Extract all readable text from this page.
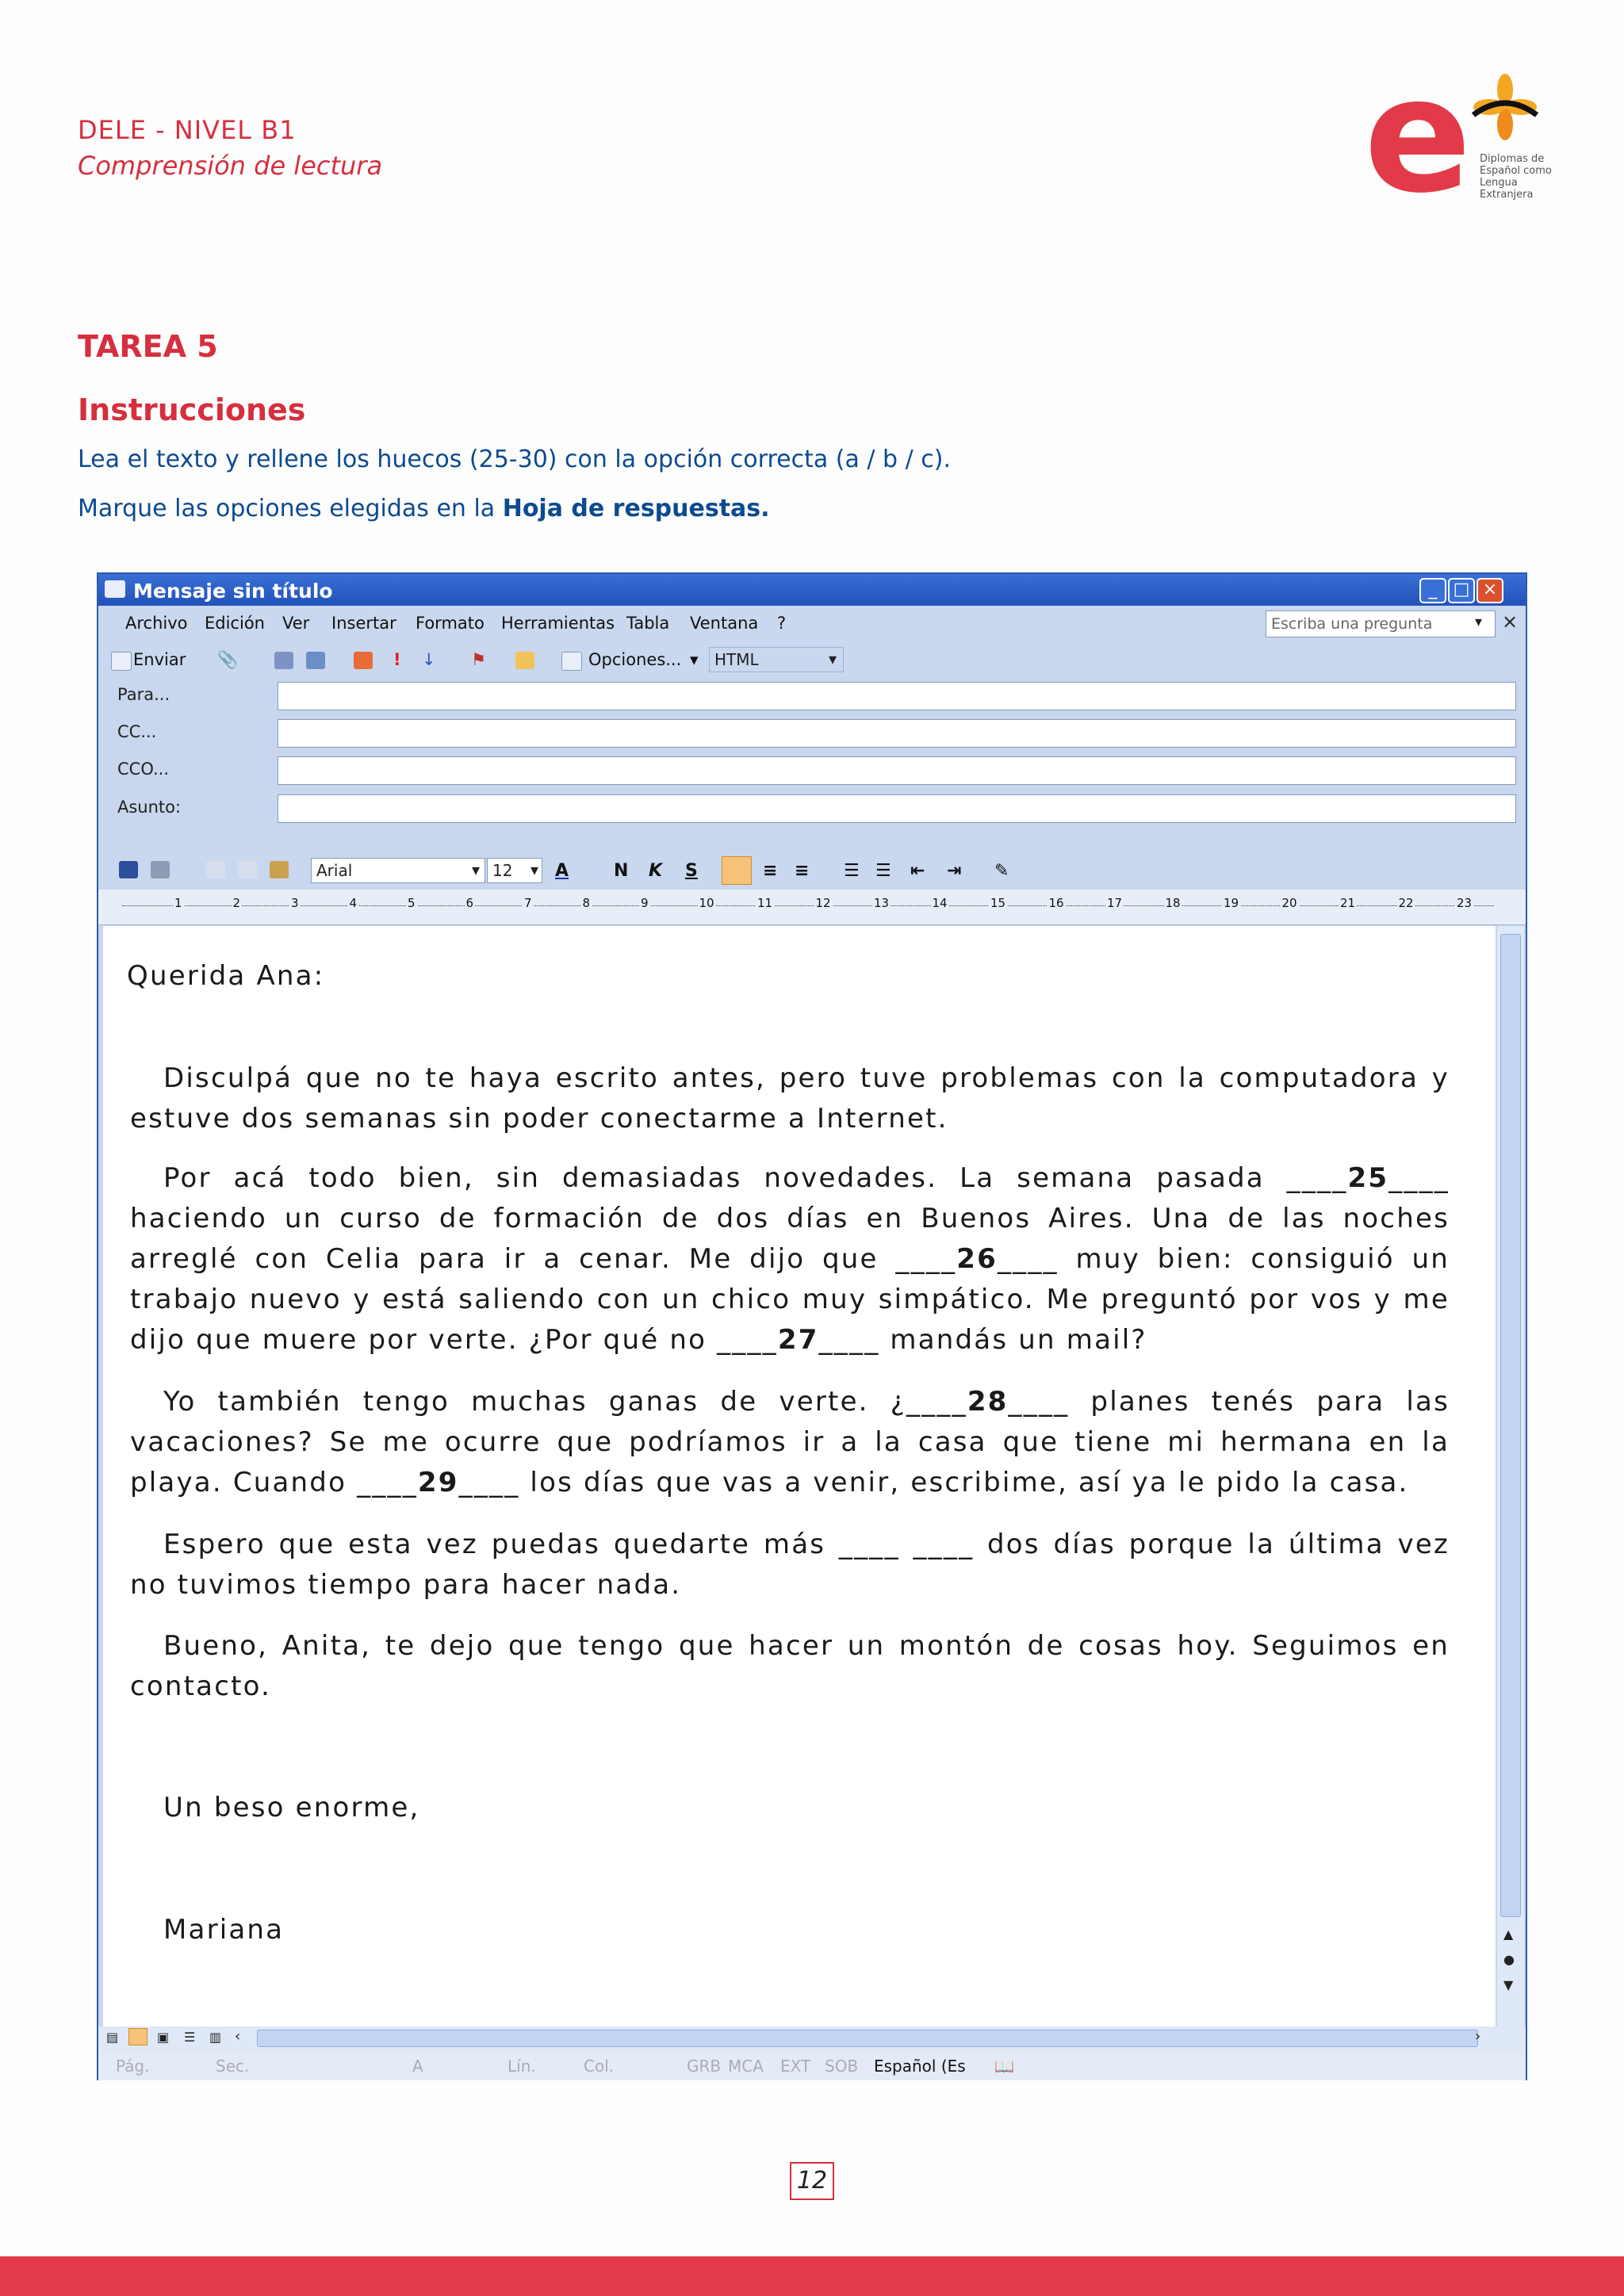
DELE - NIVEL B1
Comprensión de lectura	e Diplomas de
Español como
Lengua
Extranjera
TAREA 5
Instrucciones
Lea el texto y rellene los huecos (25-30) con la opción correcta (a / b / c).
Marque las opciones elegidas en la Hoja de respuestas.
Mensaje sin título	_ □ ×
Archivo Edición Ver Insertar Formato Herramientas Tabla Ventana ?	Escriba una pregunta	▾ ×
Enviar 📎	! ↓ ⚑	Opciones... ▾	HTML	▾
Para...
CC...
CCO...
Asunto:
Arial	▾ 12 ▾ A	N K S	≡ ≡ ☰ ☰ ⇤ ⇥ ✎
1	2	3	4	5	6	7	8	9	10	11	12	13	14	15	16	17	18	19	20	21	22	23
▲
●
▼
▤	▣ ☰ ▥ ‹	›
Pág.	Sec.	A	Lín.	Col.	GRB MCA EXT SOB Español (Es 📖
Querida Ana:
Disculpá que no te haya escrito antes, pero tuve problemas con la computadora y estuve dos semanas sin poder conectarme a Internet.
Por acá todo bien, sin demasiadas novedades. La semana pasada ____25____ haciendo un curso de formación de dos días en Buenos Aires. Una de las noches arreglé con Celia para ir a cenar. Me dijo que ____26____ muy bien: consiguió un trabajo nuevo y está saliendo con un chico muy simpático. Me preguntó por vos y me dijo que muere por verte. ¿Por qué no ____27____ mandás un mail?
Yo también tengo muchas ganas de verte. ¿____28____ planes tenés para las vacaciones? Se me ocurre que podríamos ir a la casa que tiene mi hermana en la playa. Cuando ____29____ los días que vas a venir, escribime, así ya le pido la casa.
Espero que esta vez puedas quedarte más ____ ____ dos días porque la última vez no tuvimos tiempo para hacer nada.
Bueno, Anita, te dejo que tengo que hacer un montón de cosas hoy. Seguimos en contacto.
Un beso enorme,
Mariana
12
